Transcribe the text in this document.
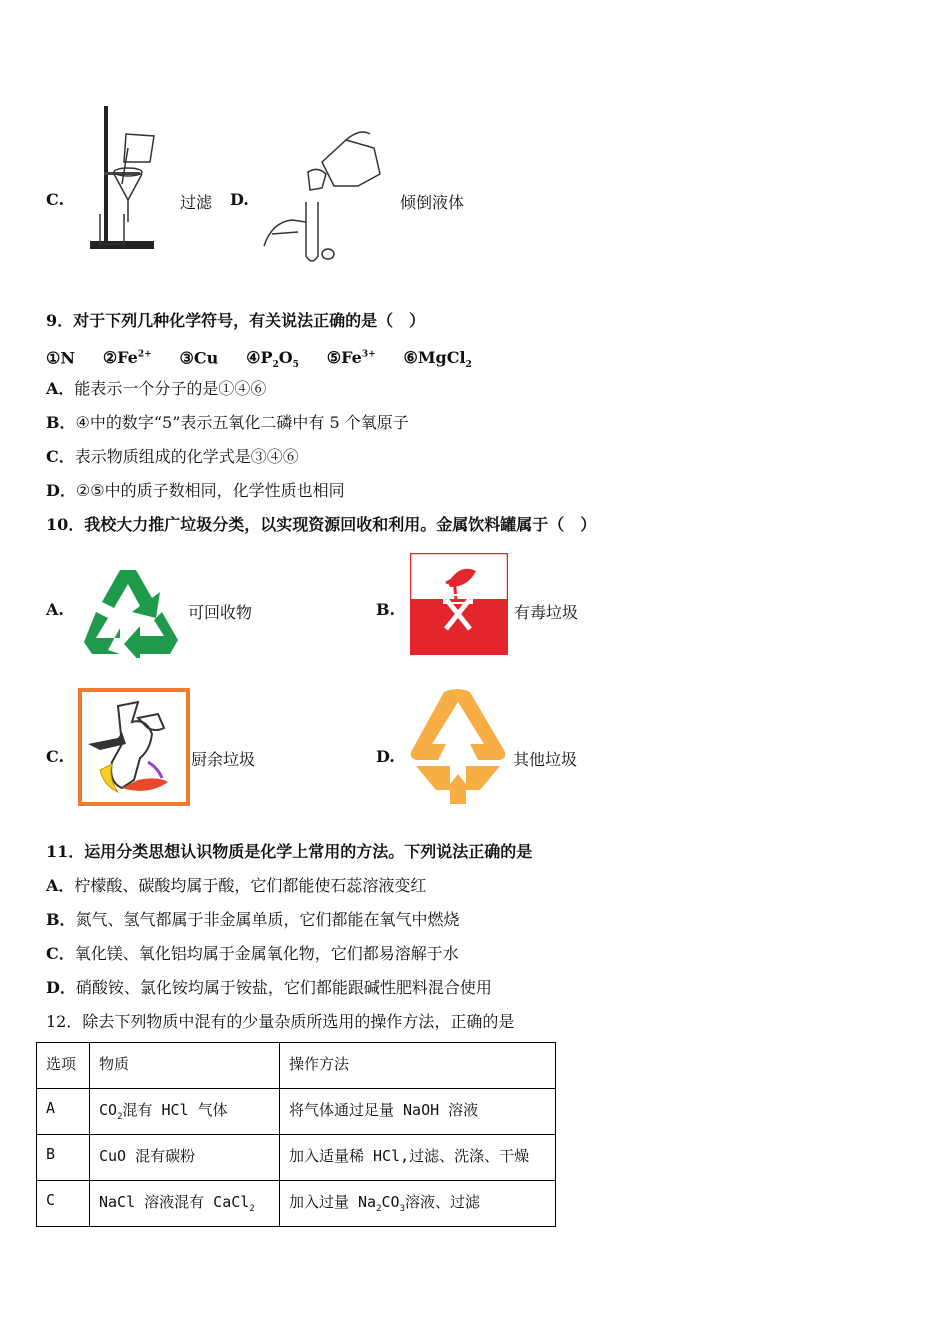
C.	过滤 D.	倾倒液体
9．对于下列几种化学符号，有关说法正确的是（　）
①N $②Fe^{2+}$ ③Cu $④P_2O_5$ $⑤Fe^{3+}$ ⑥MgCl$_2$
A．能表示一个分子的是①④⑥
B．④中的数字“5”表示五氧化二磷中有 5 个氧原子
C．表示物质组成的化学式是③④⑥
D．②⑤中的质子数相同，化学性质也相同
10．我校大力推广垃圾分类，以实现资源回收和利用。金属饮料罐属于（　）
A.	可回收物	B.	有毒垃圾
C.	厨余垃圾	D.	其他垃圾
11．运用分类思想认识物质是化学上常用的方法。下列说法正确的是
A．柠檬酸、碳酸均属于酸，它们都能使石蕊溶液变红
B．氮气、氢气都属于非金属单质，它们都能在氧气中燃烧
C．氧化镁、氧化铝均属于金属氧化物，它们都易溶解于水
D．硝酸铵、氯化铵均属于铵盐，它们都能跟碱性肥料混合使用
12．除去下列物质中混有的少量杂质所选用的操作方法，正确的是
选项	物质	操作方法
A	$CO_2$混有 HCl 气体	将气体通过足量 NaOH 溶液
B	CuO 混有碳粉	加入适量稀 HCl,过滤、洗涤、干燥
C	NaCl 溶液混有 CaCl$_2$	加入过量 $Na_2CO_3$溶液、过滤
